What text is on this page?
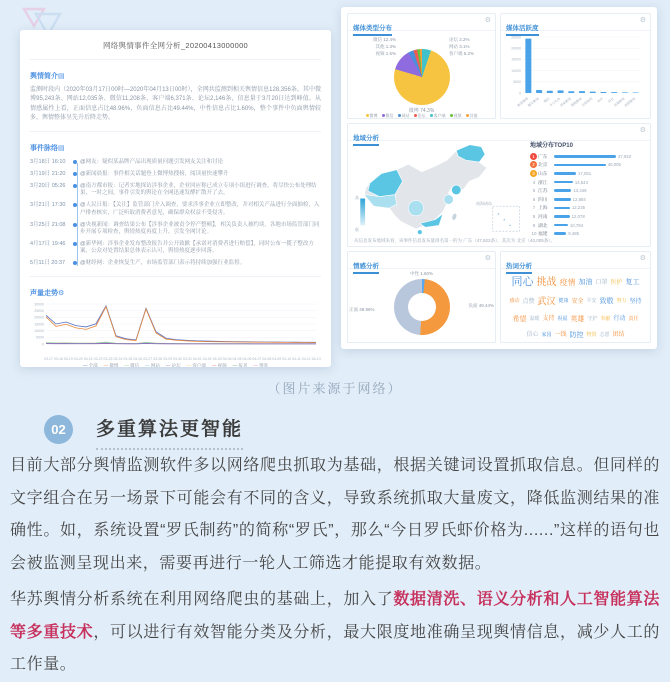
网络舆情事件全网分析_20200413000000
舆情简介▤
监测时段内（2020年03月17日00时—2020年04月13日00时），全网共监测到相关舆情信息128,356条。其中微博95,243条、网站12,035条、微信11,208条、客户端6,371条、论坛2,146条，信息量于3月20日达到峰值。从情感属性上看，正面信息占比48.96%，负面信息占比49.44%，中性信息占比1.60%，整个事件中负面舆情较多，舆情整体呈先升后降走势。
事件脉络▤
3月18日 16:10	@网友：疑似某品牌产品出现质量问题引发网友关注和讨论
3月19日 21:20	@新闻晨报：事件相关话题登上微博热搜榜，阅读量快速攀升
3月20日 05:26	@南方都市报：记者实地探访涉事企业，企业回应称已成立专项小组进行调查，将尽快公布处理结果，一时之间，事件引发的舆论在全网迅速发酵扩散开了去。
3月21日 17:30	@人民日报：【关注】监管部门介入调查，要求涉事企业立即整改，并对相关产品进行全面抽检，入户排查核实，广泛听取消费者意见，确保群众权益不受侵害。
3月25日 21:08	@央视新闻：调查结果公布【涉事企业被责令停产整顿】，相关负责人被约谈，各地市场监管部门同步开展专项检查，舆情热度再度上升，引发全网讨论。
4月17日 19:46	@新华网：涉事企业发布整改报告并公开致歉【承诺对消费者进行赔偿】，同时公布一揽子整改方案，公众对处置结果总体表示认可，舆情热度逐步回落。
5月11日 20:37	@财经网：企业恢复生产，市场监管部门表示将持续加强行业监督。
声量走势⚙
30000
25000
20000
15000
10000
5000
0
03-17 03-18 03-19 03-20 03-21 03-22 03-23 03-24 03-25 03-26 03-27 03-28 03-29 03-30 03-31 04-01 04-02 04-03 04-04 04-05 04-06 04-07 04-08 04-09 04-10 04-11 04-12 04-13
— 全部 — 微博 — 微信 — 网站 — 论坛 — 客户端 — 视频 — 报刊 — 博客
媒体类型分布
⚙
微信 12.4%
其他 1.3%
视频 1.5%
论坛 2.2%
网站 3.1%
客户端 5.2%
微博 74.3%
微博	微信	网站	论坛	客户端	视频	其他
媒体活跃度
⚙
25000
20000
15000
10000
5000
0
新浪微博
腾讯新闻 微信
今日头条
网易新闻
搜狐新闻
百度贴吧 知乎 抖音
凤凰新闻
澎湃新闻
地域分析
⚙
高
低
南海诸岛
地域分布TOP10
1 广东	47,922
2 北京	40,005
3 山东	17,051
4 浙江	14,544
5 江苏	13,449
6 四川	12,884
7 上海	12,235
8 河南	12,078
9 湖北	10,784
10 福建	9,485
从信息发布地域来看，该事件信息发布量排名第一的为 广东（47,922条），其次为 北京（40,005条）。
情感分析
⚙
中性 1.60%
负面 49.44%
正面 48.96%
热词分析
⚙
同心 挑战 疫情 加油 口罩 医护 复工
感动 点赞 武汉 健康 安全 平安 致敬 努力 坚持
希望 温暖 支持 祝福 英雄 守护 奉献 行动 责任
信心 家园 一线 防控 物资 志愿 团结
（图片来源于网络）
02	多重算法更智能
目前大部分舆情监测软件多以网络爬虫抓取为基础，根据关键词设置抓取信息。但同样的文字组合在另一场景下可能会有不同的含义，导致系统抓取大量废文，降低监测结果的准确性。如，系统设置“罗氏制药”的简称“罗氏”，那么“今日罗氏虾价格为......”这样的语句也会被监测呈现出来，需要再进行一轮人工筛选才能提取有效数据。
华苏舆情分析系统在利用网络爬虫的基础上，加入了数据清洗、语义分析和人工智能算法等多重技术，可以进行有效智能分类及分析，最大限度地准确呈现舆情信息，减少人工的工作量。
